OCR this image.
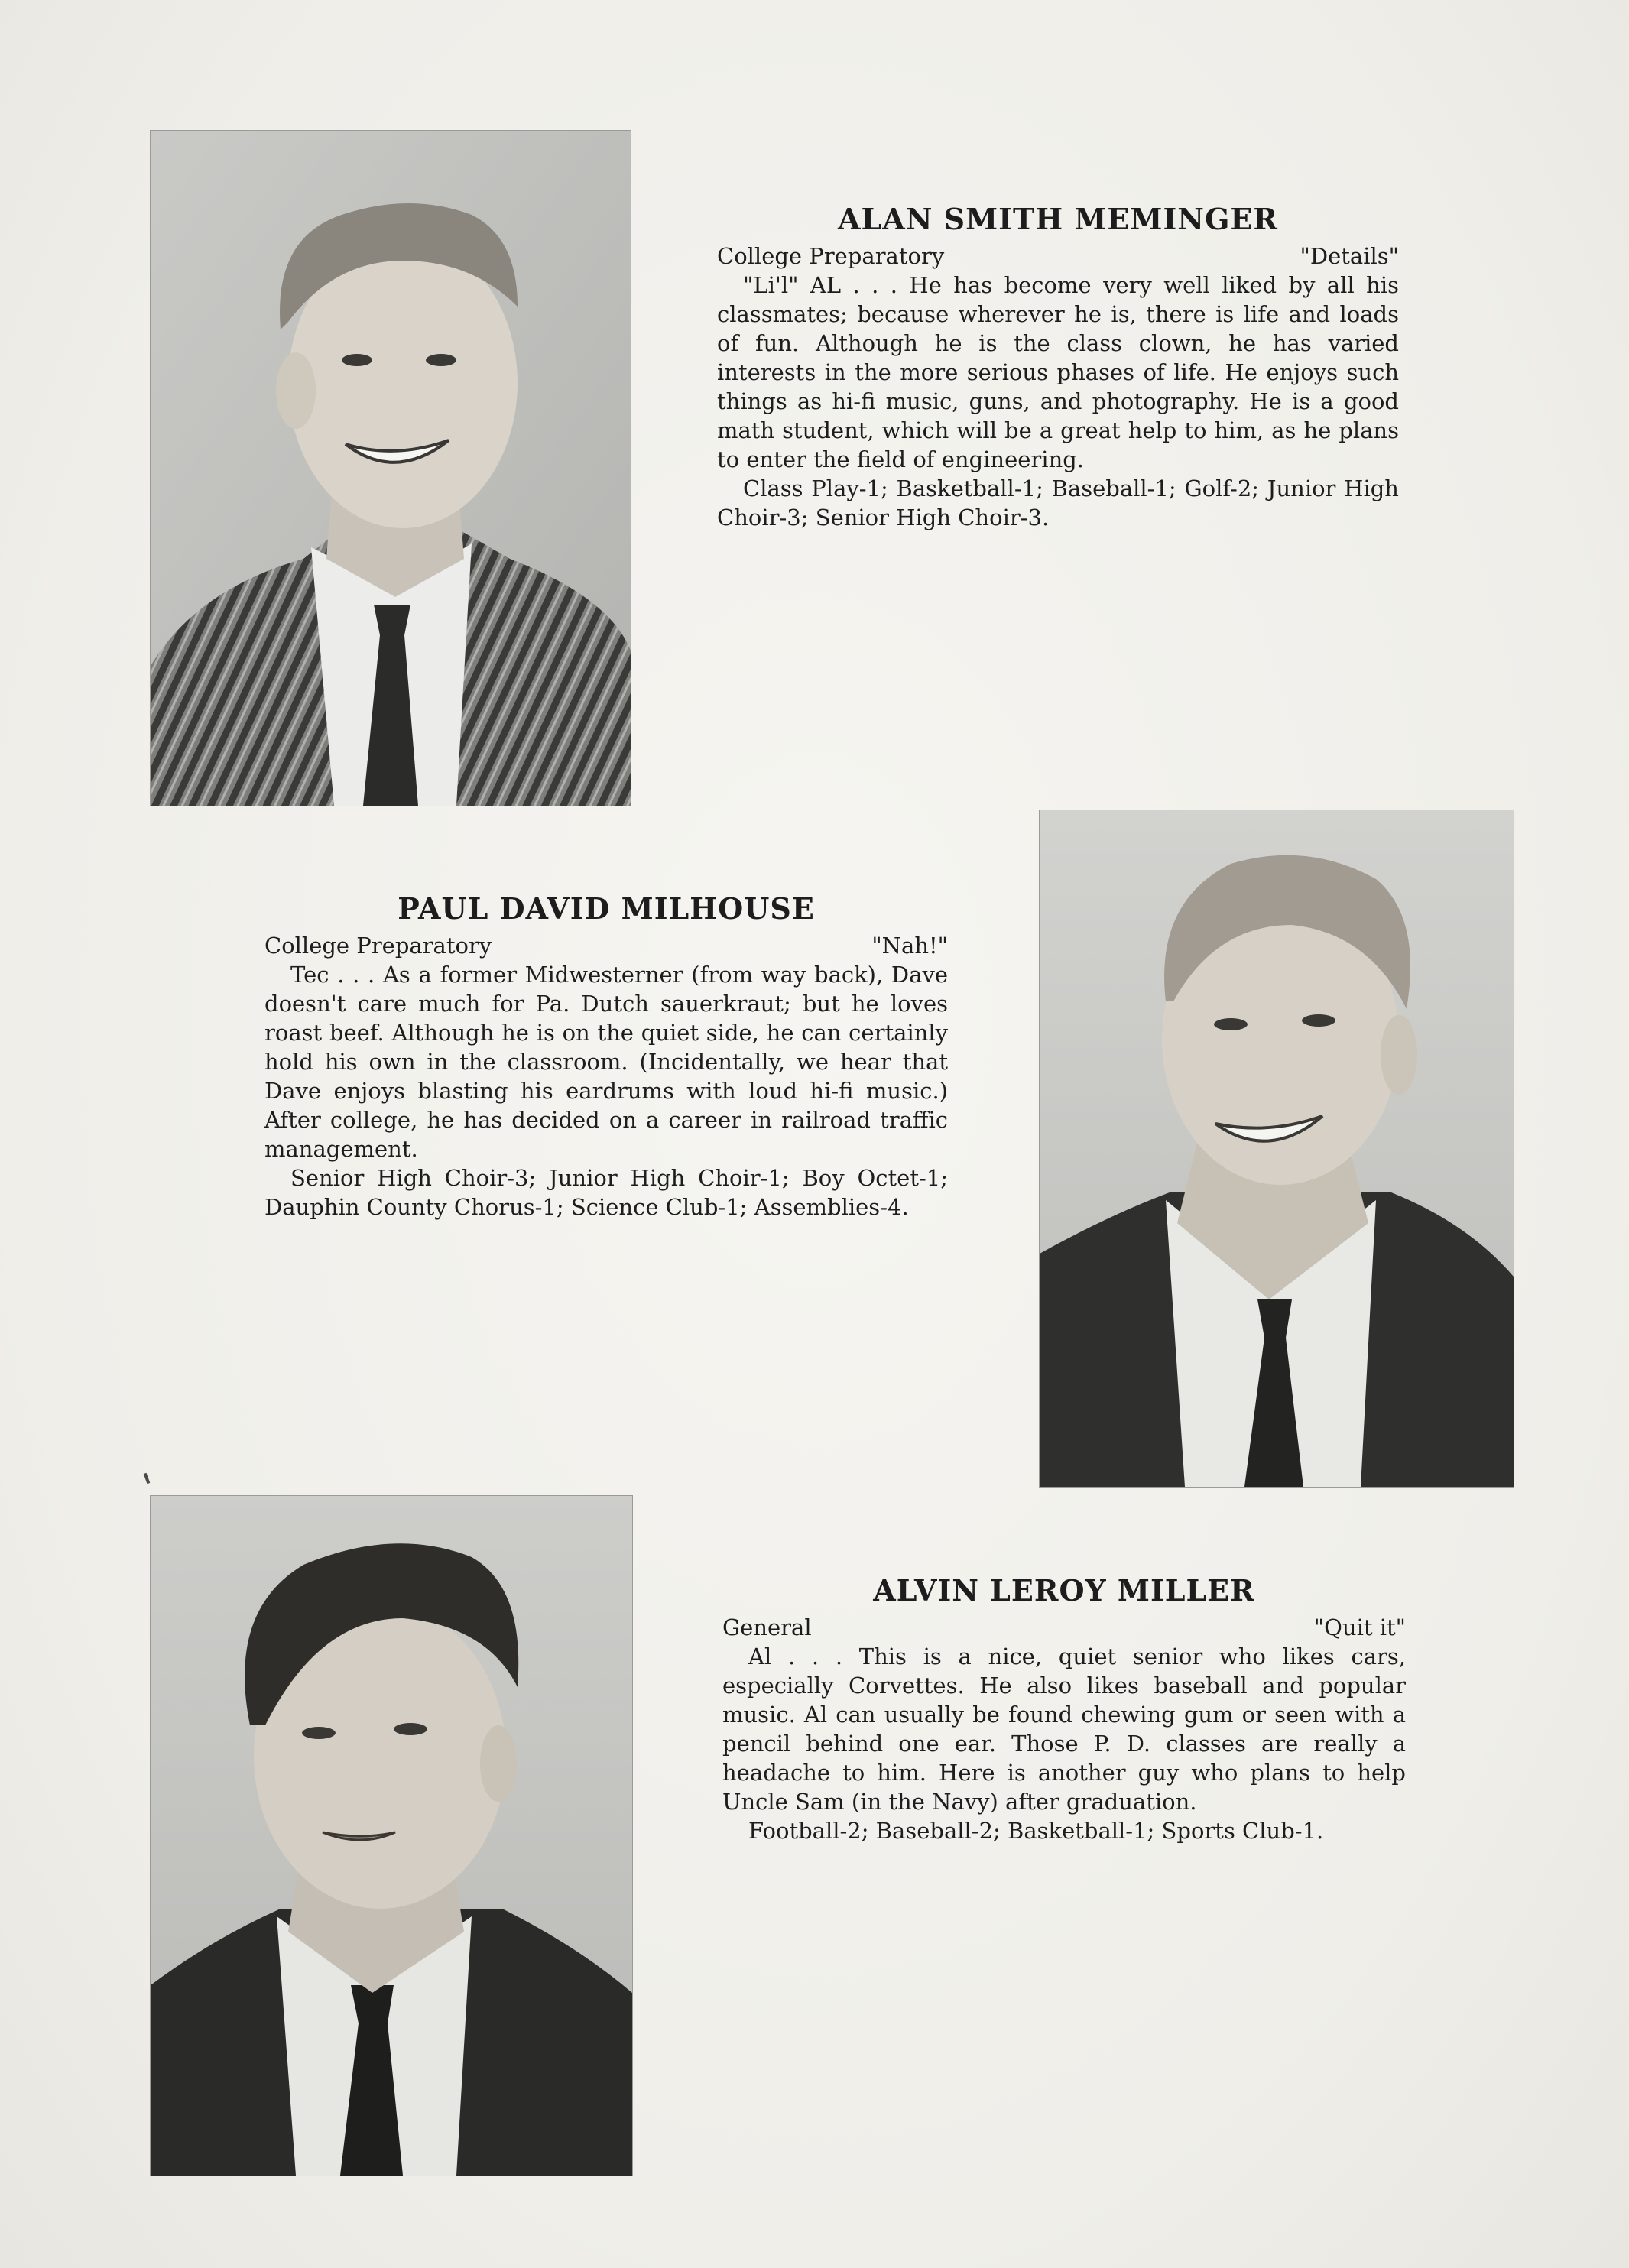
ALAN SMITH MEMINGER
College Preparatory	"Details"

"Li'l" AL . . . He has become very well liked by all his classmates; because wherever he is, there is life and loads of fun. Although he is the class clown, he has varied interests in the more serious phases of life. He enjoys such things as hi-fi music, guns, and photography. He is a good math student, which will be a great help to him, as he plans to enter the field of engineering.

Class Play-1; Basketball-1; Baseball-1; Golf-2; Junior High Choir-3; Senior High Choir-3.

PAUL DAVID MILHOUSE
College Preparatory	"Nah!"

Tec . . . As a former Midwesterner (from way back), Dave doesn't care much for Pa. Dutch sauerkraut; but he loves roast beef. Although he is on the quiet side, he can certainly hold his own in the classroom. (Incidentally, we hear that Dave enjoys blasting his eardrums with loud hi-fi music.) After college, he has decided on a career in railroad traffic management.

Senior High Choir-3; Junior High Choir-1; Boy Octet-1; Dauphin County Chorus-1; Science Club-1; Assemblies-4.

ALVIN LEROY MILLER
General	"Quit it"

Al . . . This is a nice, quiet senior who likes cars, especially Corvettes. He also likes baseball and popular music. Al can usually be found chewing gum or seen with a pencil behind one ear. Those P. D. classes are really a headache to him. Here is another guy who plans to help Uncle Sam (in the Navy) after graduation.

Football-2; Baseball-2; Basketball-1; Sports Club-1.
